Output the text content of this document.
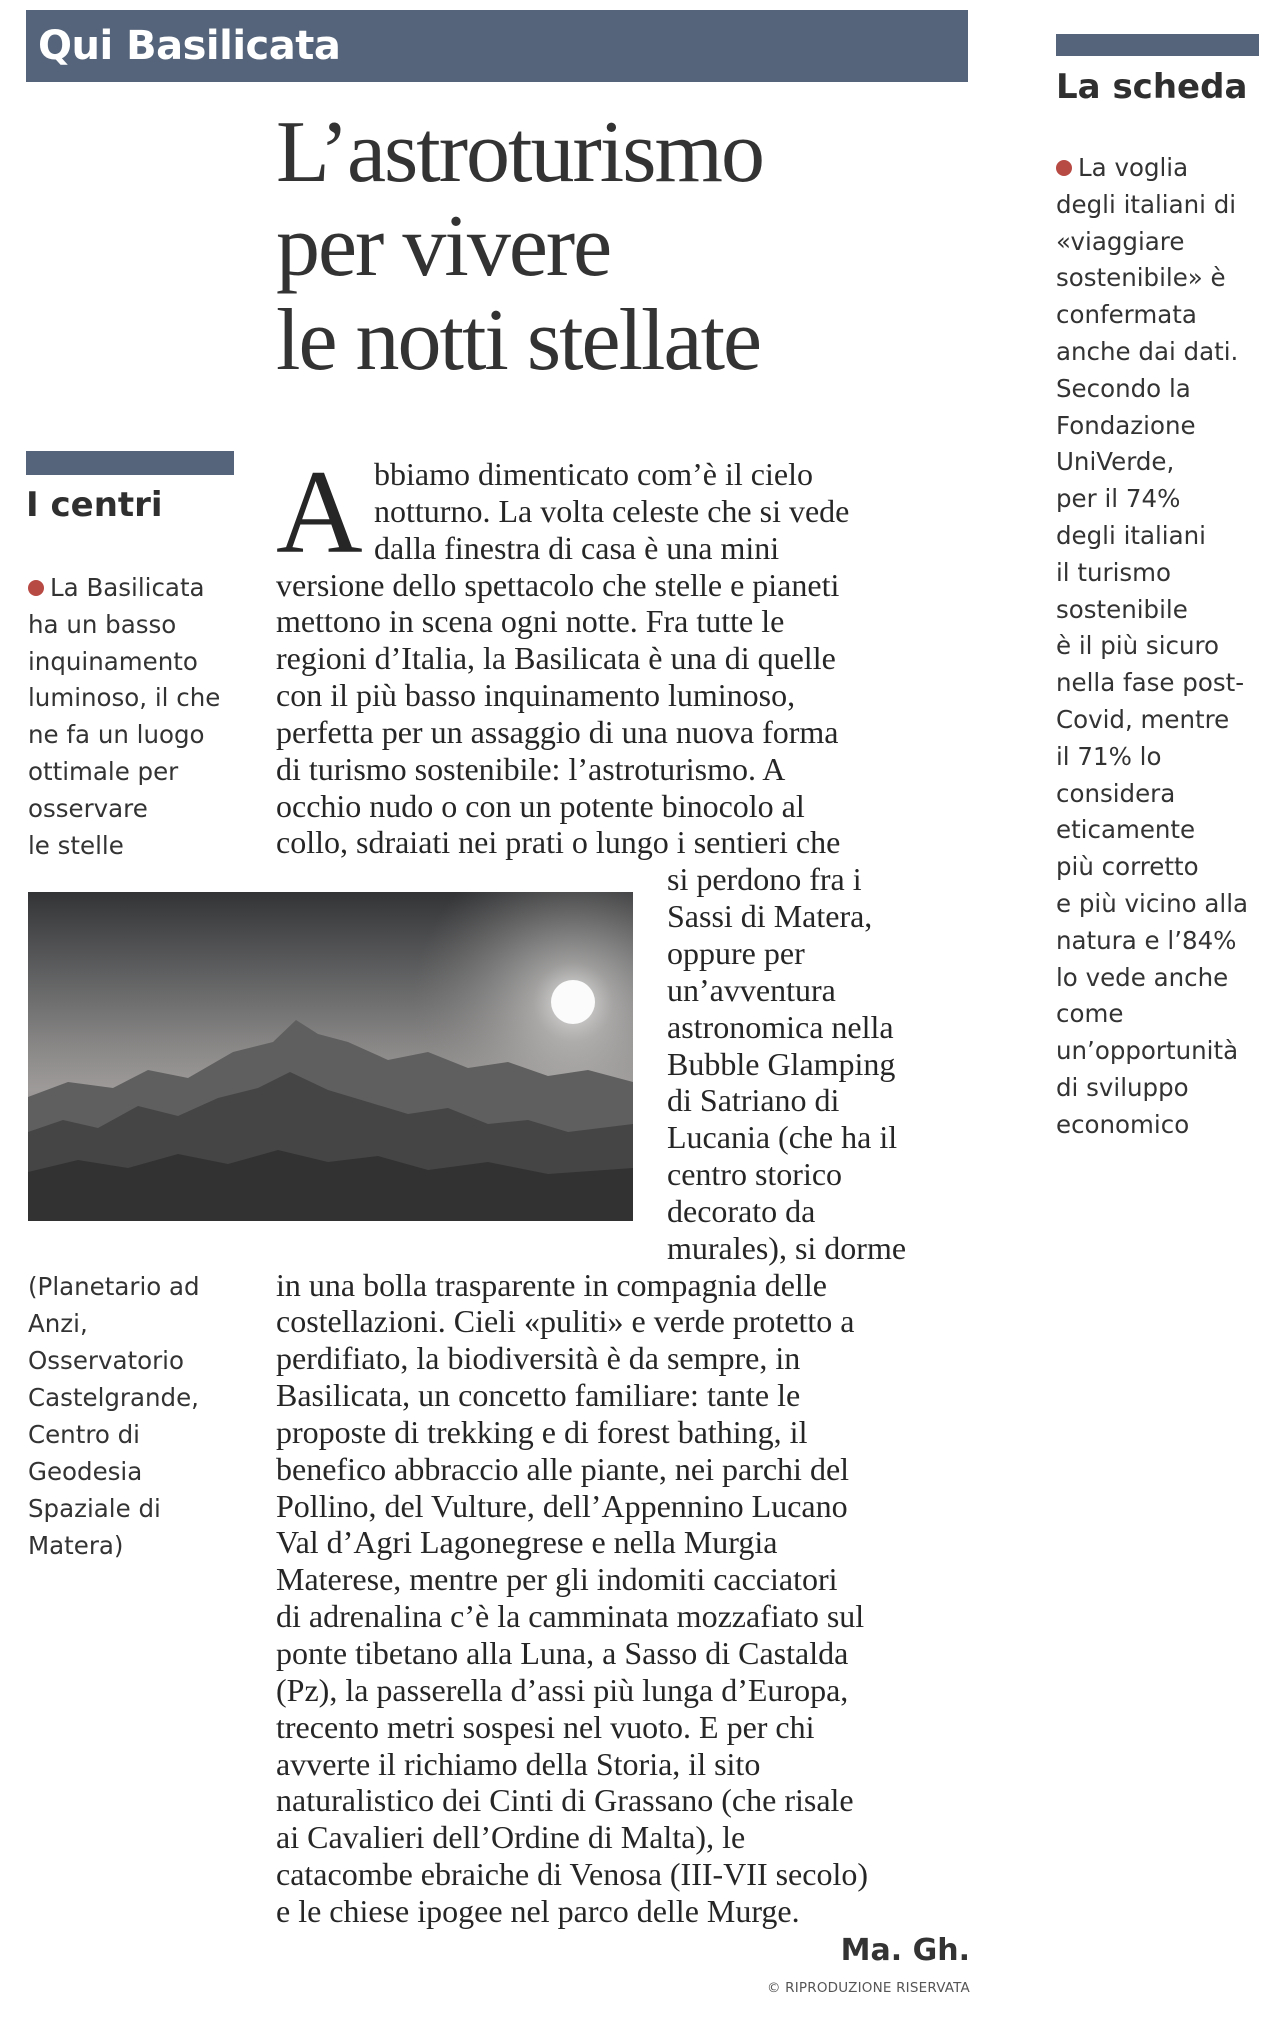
Qui Basilicata
L’astroturismo
per vivere
le notti stellate
I centri
La Basilicata
ha un basso
inquinamento
luminoso, il che
ne fa un luogo
ottimale per
osservare
le stelle
(Planetario ad
Anzi,
Osservatorio
Castelgrande,
Centro di
Geodesia
Spaziale di
Matera)
A bbiamo dimenticato com’è il cielo
notturno. La volta celeste che si vede
dalla finestra di casa è una mini
versione dello spettacolo che stelle e pianeti
mettono in scena ogni notte. Fra tutte le
regioni d’Italia, la Basilicata è una di quelle
con il più basso inquinamento luminoso,
perfetta per un assaggio di una nuova forma
di turismo sostenibile: l’astroturismo. A
occhio nudo o con un potente binocolo al
collo, sdraiati nei prati o lungo i sentieri che
si perdono fra i
Sassi di Matera,
oppure per
un’avventura
astronomica nella
Bubble Glamping
di Satriano di
Lucania (che ha il
centro storico
decorato da
murales), si dorme
in una bolla trasparente in compagnia delle
costellazioni. Cieli «puliti» e verde protetto a
perdifiato, la biodiversità è da sempre, in
Basilicata, un concetto familiare: tante le
proposte di trekking e di forest bathing, il
benefico abbraccio alle piante, nei parchi del
Pollino, del Vulture, dell’Appennino Lucano
Val d’Agri Lagonegrese e nella Murgia
Materese, mentre per gli indomiti cacciatori
di adrenalina c’è la camminata mozzafiato sul
ponte tibetano alla Luna, a Sasso di Castalda
(Pz), la passerella d’assi più lunga d’Europa,
trecento metri sospesi nel vuoto. E per chi
avverte il richiamo della Storia, il sito
naturalistico dei Cinti di Grassano (che risale
ai Cavalieri dell’Ordine di Malta), le
catacombe ebraiche di Venosa (III-VII secolo)
e le chiese ipogee nel parco delle Murge.

Ma. Gh.

© RIPRODUZIONE RISERVATA
La scheda
La voglia
degli italiani di
«viaggiare
sostenibile» è
confermata
anche dai dati.
Secondo la
Fondazione
UniVerde,
per il 74%
degli italiani
il turismo
sostenibile
è il più sicuro
nella fase post-
Covid, mentre
il 71% lo
considera
eticamente
più corretto
e più vicino alla
natura e l’84%
lo vede anche
come
un’opportunità
di sviluppo
economico
